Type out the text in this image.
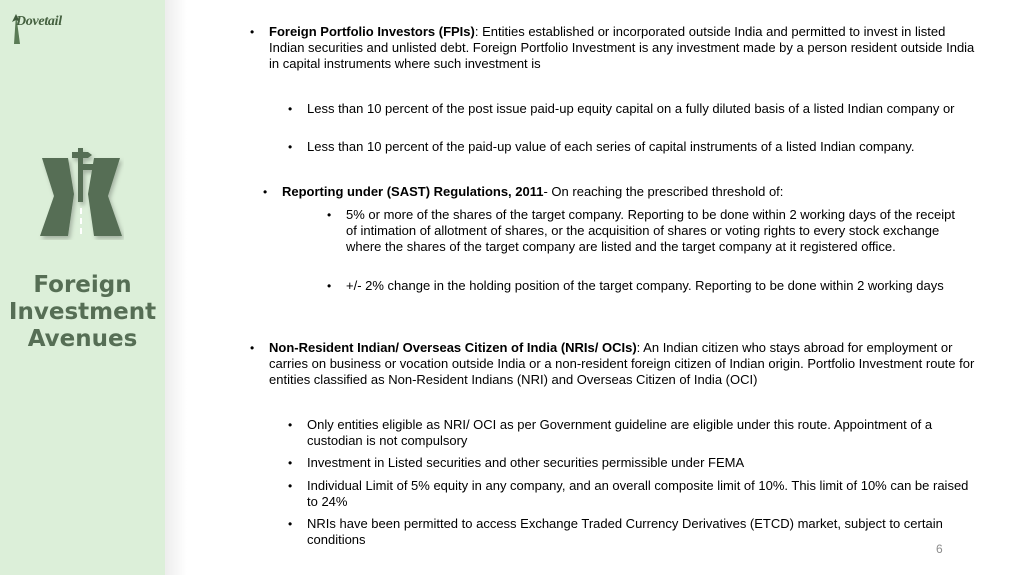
Dovetail
Foreign
Investment
Avenues
• Foreign Portfolio Investors (FPIs): Entities established or incorporated outside India and permitted to invest in listed Indian securities and unlisted debt. Foreign Portfolio Investment is any investment made by a person resident outside India in capital instruments where such investment is
• Less than 10 percent of the post issue paid-up equity capital on a fully diluted basis of a listed Indian company or
• Less than 10 percent of the paid-up value of each series of capital instruments of a listed Indian company.
• Reporting under (SAST) Regulations, 2011- On reaching the prescribed threshold of:
• 5% or more of the shares of the target company. Reporting to be done within 2 working days of the receipt of intimation of allotment of shares, or the acquisition of shares or voting rights to every stock exchange where the shares of the target company are listed and the target company at it registered office.
• +/- 2% change in the holding position of the target company. Reporting to be done within 2 working days
• Non-Resident Indian/ Overseas Citizen of India (NRIs/ OCIs): An Indian citizen who stays abroad for employment or carries on business or vocation outside India or a non-resident foreign citizen of Indian origin. Portfolio Investment route for entities classified as Non-Resident Indians (NRI) and Overseas Citizen of India (OCI)
• Only entities eligible as NRI/ OCI as per Government guideline are eligible under this route. Appointment of a custodian is not compulsory
• Investment in Listed securities and other securities permissible under FEMA
• Individual Limit of 5% equity in any company, and an overall composite limit of 10%. This limit of 10% can be raised to 24%
• NRIs have been permitted to access Exchange Traded Currency Derivatives (ETCD) market, subject to certain conditions
6
